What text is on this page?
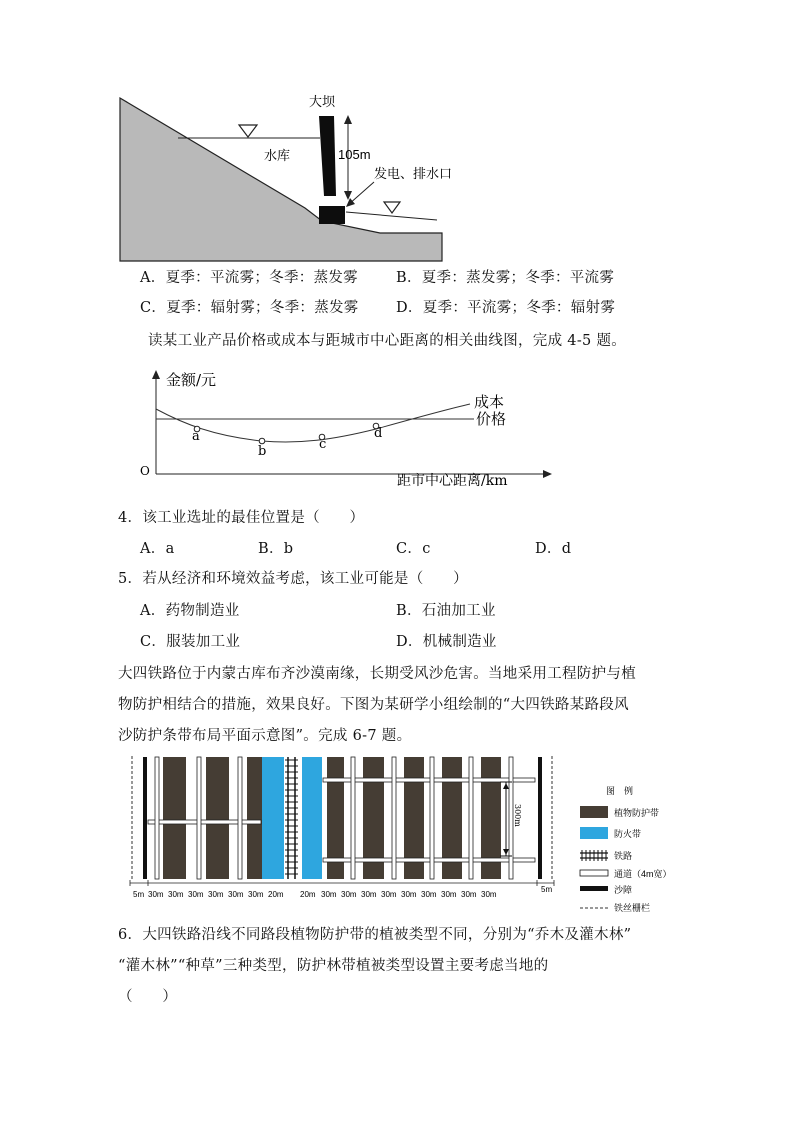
大坝
水库	105m
发电、排水口
A．夏季：平流雾；冬季：蒸发雾	B．夏季：蒸发雾；冬季：平流雾
C．夏季：辐射雾；冬季：蒸发雾	D．夏季：平流雾；冬季：辐射雾
读某工业产品价格或成本与距城市中心距离的相关曲线图，完成 4-5 题。
a
b	c
d
金额/元
成本
价格
O
距市中心距离/km
4．该工业选址的最佳位置是（　　）
A．a	B．b	C．c	D．d
5．若从经济和环境效益考虑，该工业可能是（　　）
A．药物制造业	B．石油加工业
C．服装加工业	D．机械制造业
大四铁路位于内蒙古库布齐沙漠南缘，长期受风沙危害。当地采用工程防护与植
物防护相结合的措施，效果良好。下图为某研学小组绘制的“大四铁路某路段风
沙防护条带布局平面示意图”。完成 6-7 题。
300m
5m 30m 30m 30m 30m 30m 30m 20m 20m 30m 30m 30m 30m 30m 30m 30m 30m 30m
5m
图　例
植物防护带
防火带
铁路
通道（4m宽）
沙障
铁丝栅栏
6．大四铁路沿线不同路段植物防护带的植被类型不同，分别为“乔木及灌木林”
“灌木林”“种草”三种类型，防护林带植被类型设置主要考虑当地的
（　　）
